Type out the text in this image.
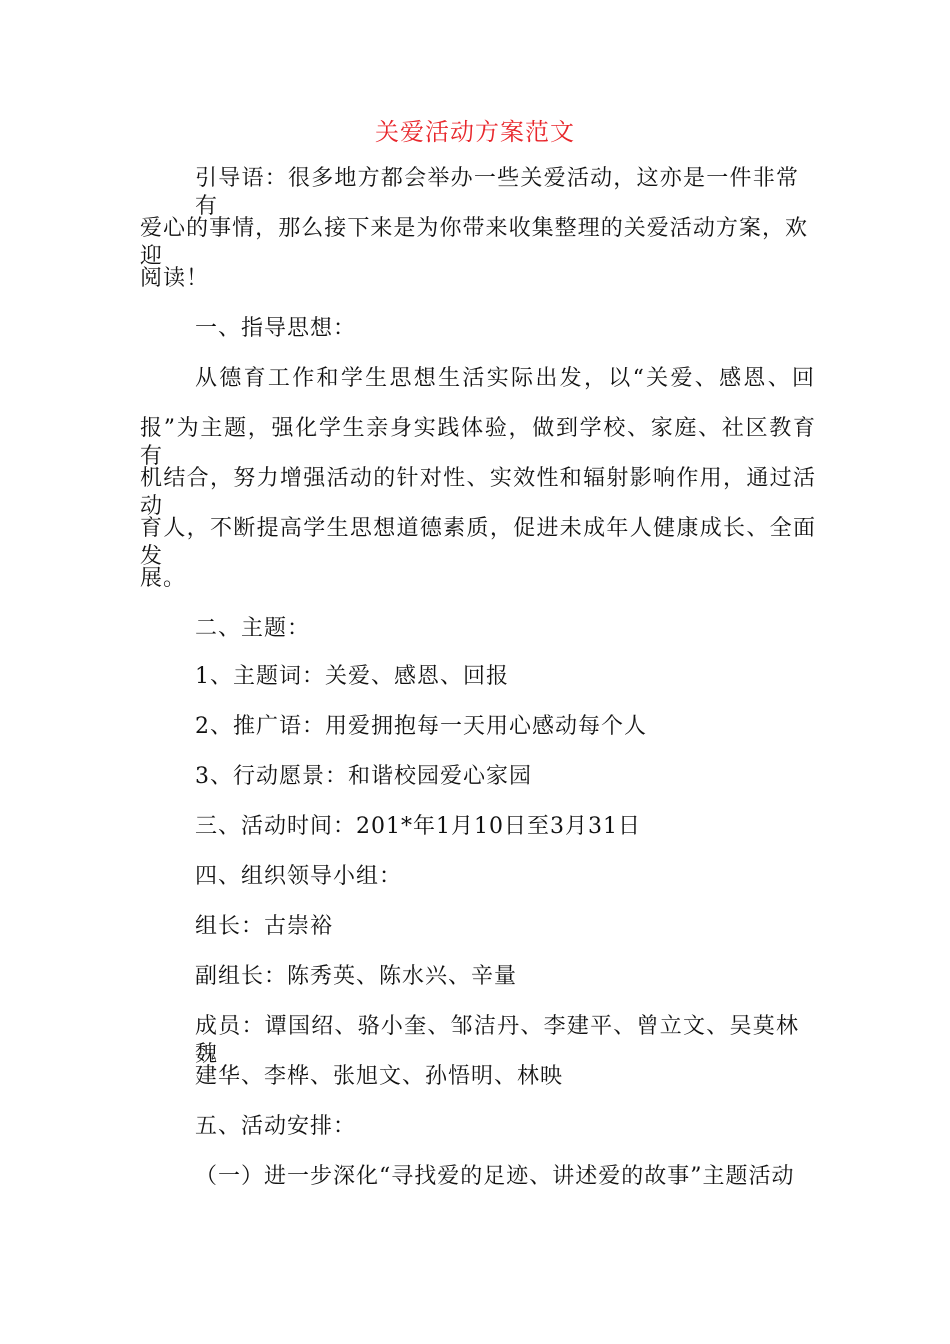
关爱活动方案范文
引导语：很多地方都会举办一些关爱活动，这亦是一件非常有
爱心的事情，那么接下来是为你带来收集整理的关爱活动方案，欢迎
阅读！
一、指导思想：
从德育工作和学生思想生活实际出发，以“关爱、感恩、回
报”为主题，强化学生亲身实践体验，做到学校、家庭、社区教育有
机结合，努力增强活动的针对性、实效性和辐射影响作用，通过活动
育人，不断提高学生思想道德素质，促进未成年人健康成长、全面发
展。
二、主题：
1、主题词：关爱、感恩、回报
2、推广语：用爱拥抱每一天用心感动每个人
3、行动愿景：和谐校园爱心家园
三、活动时间：201*年1月10日至3月31日
四、组织领导小组：
组长：古崇裕
副组长：陈秀英、陈水兴、辛量
成员：谭国绍、骆小奎、邹洁丹、李建平、曾立文、吴莫林魏
建华、李桦、张旭文、孙悟明、林映
五、活动安排：
（一）进一步深化“寻找爱的足迹、讲述爱的故事”主题活动
